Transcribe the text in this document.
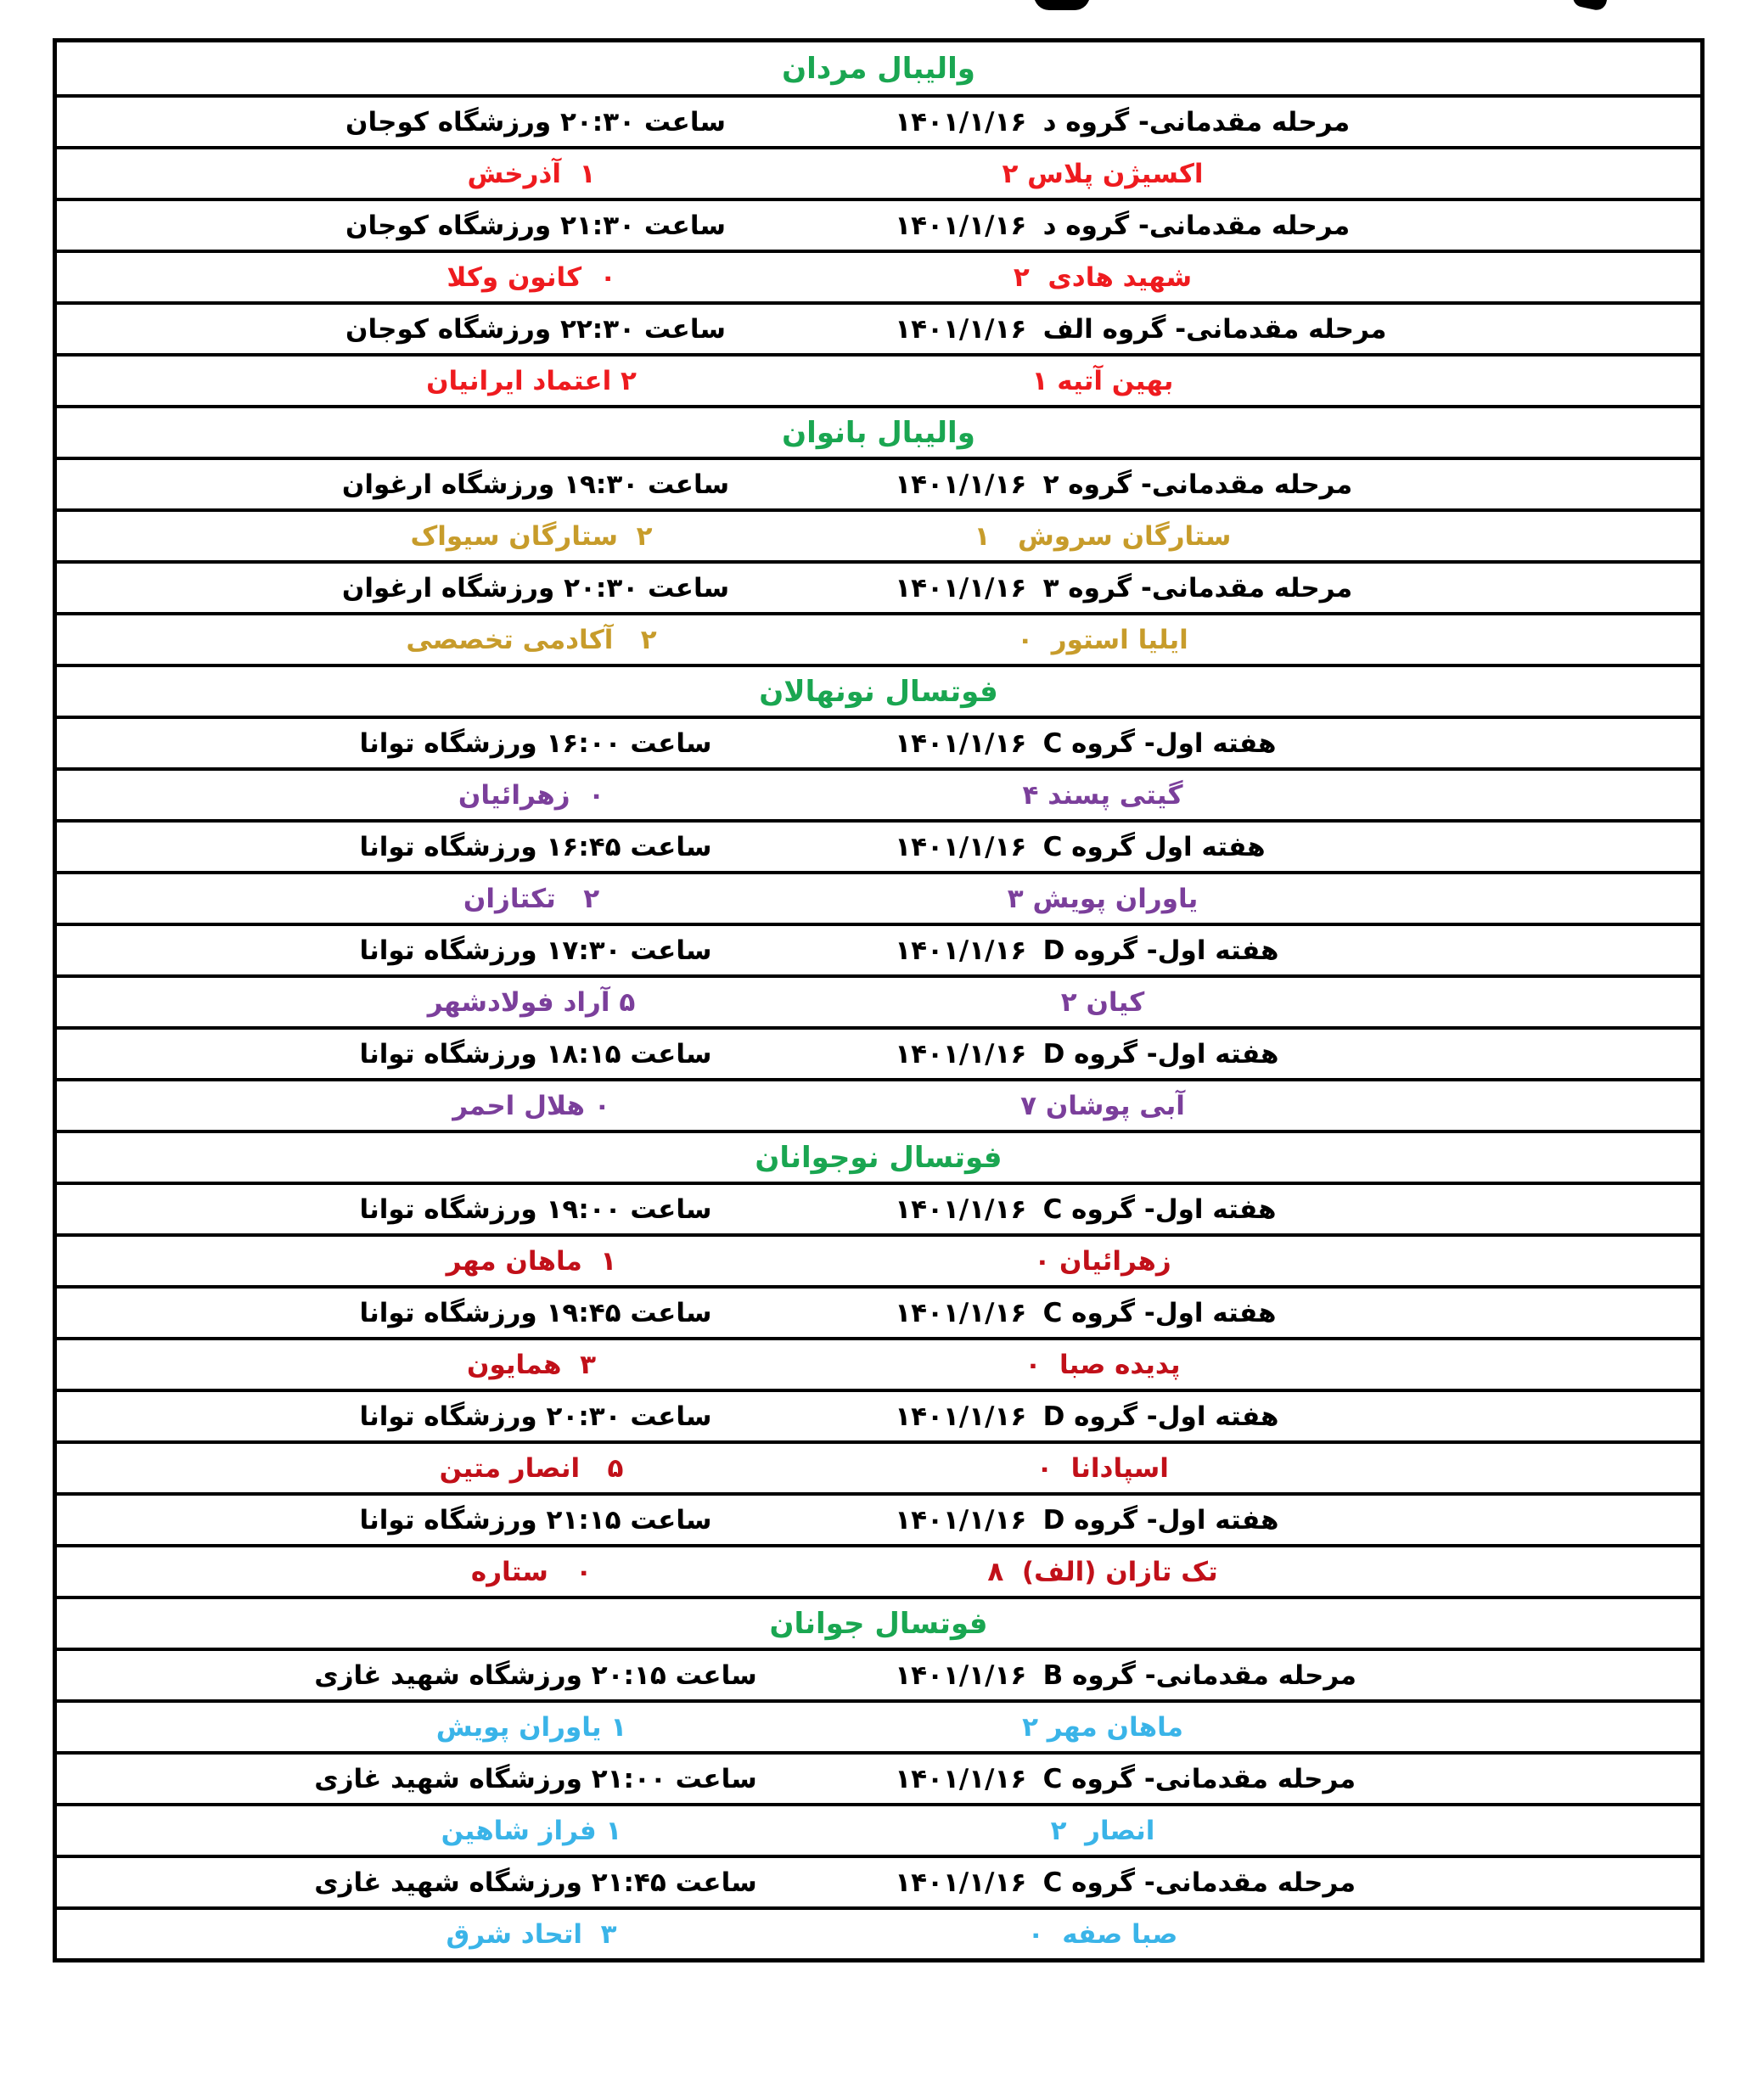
والیبال مردان
ساعت ۲۰:۳۰ ورزشگاه کوجان	۱۴۰۱/۱/۱۶ مرحله مقدمانی- گروه د
۱  آذرخش	اکسیژن پلاس ۲
ساعت ۲۱:۳۰ ورزشگاه کوجان	۱۴۰۱/۱/۱۶ مرحله مقدمانی- گروه د
۰  کانون وکلا	شهید هادی  ۲
ساعت ۲۲:۳۰ ورزشگاه کوجان	۱۴۰۱/۱/۱۶ مرحله مقدمانی- گروه الف
۲ اعتماد ایرانیان	بهین آتیه ۱
والیبال بانوان
ساعت ۱۹:۳۰ ورزشگاه ارغوان	۱۴۰۱/۱/۱۶ مرحله مقدمانی- گروه ۲
۲  ستارگان سیواک	ستارگان سروش   ۱
ساعت ۲۰:۳۰ ورزشگاه ارغوان	۱۴۰۱/۱/۱۶ مرحله مقدمانی- گروه ۳
۲   آکادمی تخصصی	ایلیا استور  ۰
فوتسال نونهالان
ساعت ۱۶:۰۰ ورزشگاه توانا	۱۴۰۱/۱/۱۶ هفته اول- گروه C
۰  زهرائیان	گیتی پسند ۴
ساعت ۱۶:۴۵ ورزشگاه توانا	۱۴۰۱/۱/۱۶ هفته اول گروه C
۲   تکتازان	یاوران پویش ۳
ساعت ۱۷:۳۰ ورزشگاه توانا	۱۴۰۱/۱/۱۶ هفته اول- گروه D
۵ آراد فولادشهر	کیان ۲
ساعت ۱۸:۱۵ ورزشگاه توانا	۱۴۰۱/۱/۱۶ هفته اول- گروه D
۰ هلال احمر	آبی پوشان ۷
فوتسال نوجوانان
ساعت ۱۹:۰۰ ورزشگاه توانا	۱۴۰۱/۱/۱۶ هفته اول- گروه C
۱  ماهان مهر	زهرائیان ۰
ساعت ۱۹:۴۵ ورزشگاه توانا	۱۴۰۱/۱/۱۶ هفته اول- گروه C
۳  همایون	پدیده صبا  ۰
ساعت ۲۰:۳۰ ورزشگاه توانا	۱۴۰۱/۱/۱۶ هفته اول- گروه D
۵   انصار متین	اسپادانا  ۰
ساعت ۲۱:۱۵ ورزشگاه توانا	۱۴۰۱/۱/۱۶ هفته اول- گروه D
۰   ستاره	تک تازان (الف)  ۸
فوتسال جوانان
ساعت ۲۰:۱۵ ورزشگاه شهید غازی	۱۴۰۱/۱/۱۶ مرحله مقدمانی- گروه B
۱ یاوران پویش	ماهان مهر ۲
ساعت ۲۱:۰۰ ورزشگاه شهید غازی	۱۴۰۱/۱/۱۶ مرحله مقدمانی- گروه C
۱ فراز شاهین	انصار  ۲
ساعت ۲۱:۴۵ ورزشگاه شهید غازی	۱۴۰۱/۱/۱۶ مرحله مقدمانی- گروه C
۳  اتحاد شرق	صبا صفه  ۰
